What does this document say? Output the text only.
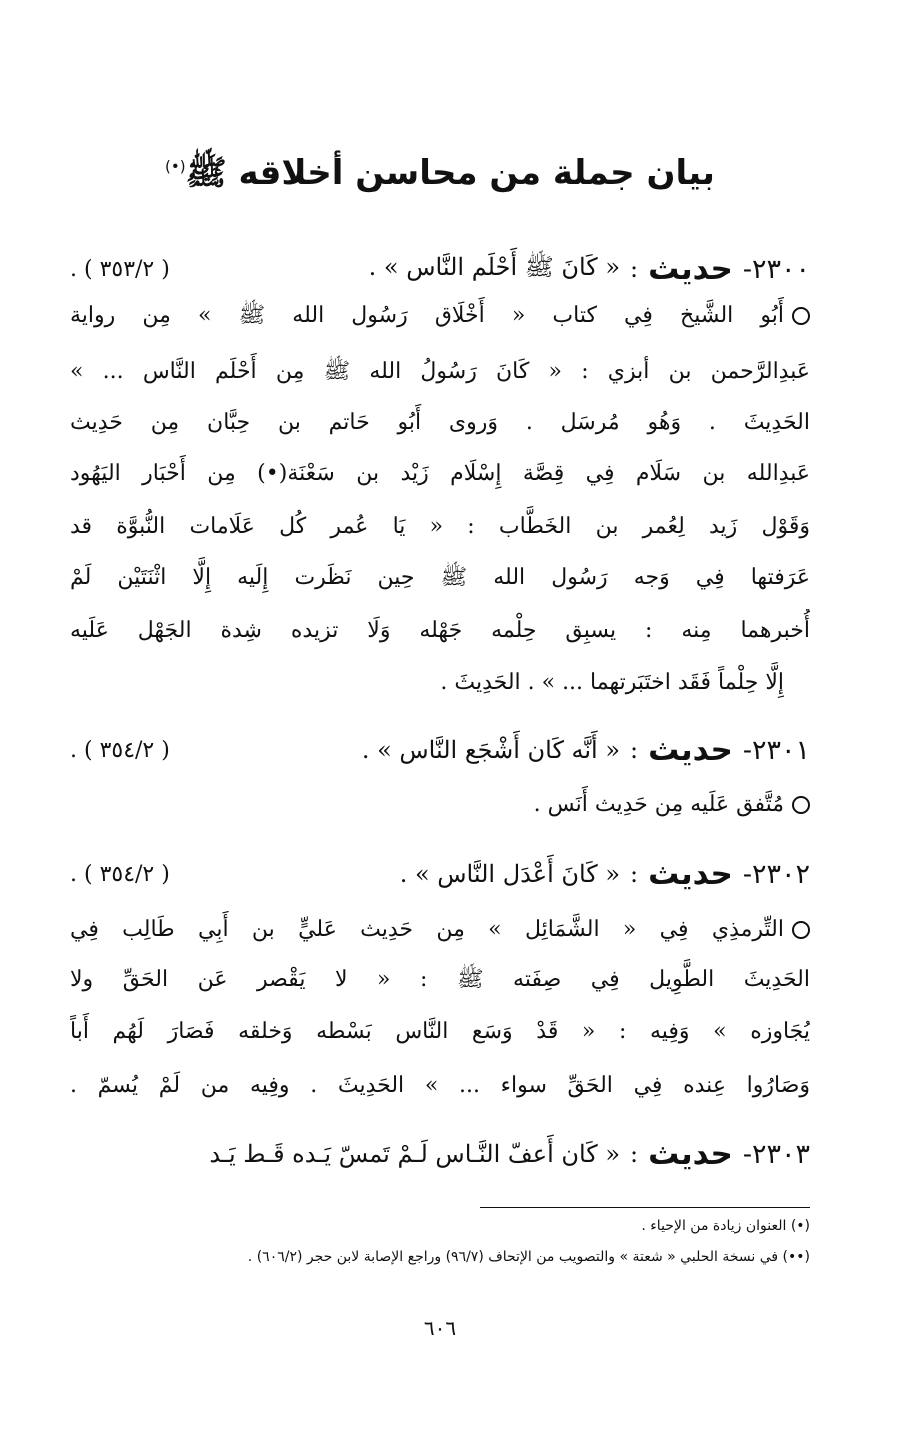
بيان جملة من محاسن أخلاقه ﷺ(•)
٢٣٠٠-
حديث
:
« كَانَ ﷺ أَحْلَم النَّاس » .
( ٣٥٣/٢ ) .
أَبُو الشَّيخ فِي كتاب « أَخْلَاق رَسُول الله ﷺ » مِن رواية
عَبدِالرَّحمن بن أبزي : « كَانَ رَسُولُ الله ﷺ مِن أَحْلَم النَّاس ... »
الحَدِيثَ . وَهُو مُرسَل . وَروى أَبُو حَاتم بن حِبَّان مِن حَدِيث
عَبدِالله بن سَلَام فِي قِصَّة إِسْلَام زَيْد بن سَعْنَة(•) مِن أَحْبَار اليَهُود
وَقَوْل زَيد لِعُمر بن الخَطَّاب : « يَا عُمر كُل عَلَامات النُّبوَّة قد
عَرَفتها فِي وَجه رَسُول الله ﷺ حِين نَظَرت إِلَيه إِلَّا اثْنَتَيْن لَمْ
أُخبرهما مِنه : يسبِق حِلْمه جَهْله وَلَا تزيده شِدة الجَهْل عَلَيه
إِلَّا حِلْماً فَقَد اختَبَرتهما ... » . الحَدِيثَ .
٢٣٠١-
حديث
:
« أَنَّه كَان أَشْجَع النَّاس » .
( ٣٥٤/٢ ) .
مُتَّفق عَلَيه مِن حَدِيث أَنَس .
٢٣٠٢-
حديث
:
« كَانَ أَعْدَل النَّاس » .
( ٣٥٤/٢ ) .
التِّرمذِي فِي « الشَّمَائِل » مِن حَدِيث عَليٍّ بن أَبِي طَالِب فِي
الحَدِيثَ الطَّوِيل فِي صِفَته ﷺ : « لا يَقْصر عَن الحَقِّ ولا
يُجَاوزه » وَفِيه : « قَدْ وَسَع النَّاس بَسْطه وَخلقه فَصَارَ لَهُم أَباً
وَصَارُوا عِنده فِي الحَقِّ سواء ... » الحَدِيثَ . وفِيه من لَمْ يُسمّ .
٢٣٠٣-
حديث
:
« كَان أَعفّ النَّـاس لَـمْ تَمسّ يَـده قَـط يَـد
(•) العنوان زيادة من الإحياء .
(••) في نسخة الحلبي « شعتة » والتصويب من الإتحاف (٩٦/٧) وراجع الإصابة لابن حجر (٦٠٦/٢) .
٦٠٦
